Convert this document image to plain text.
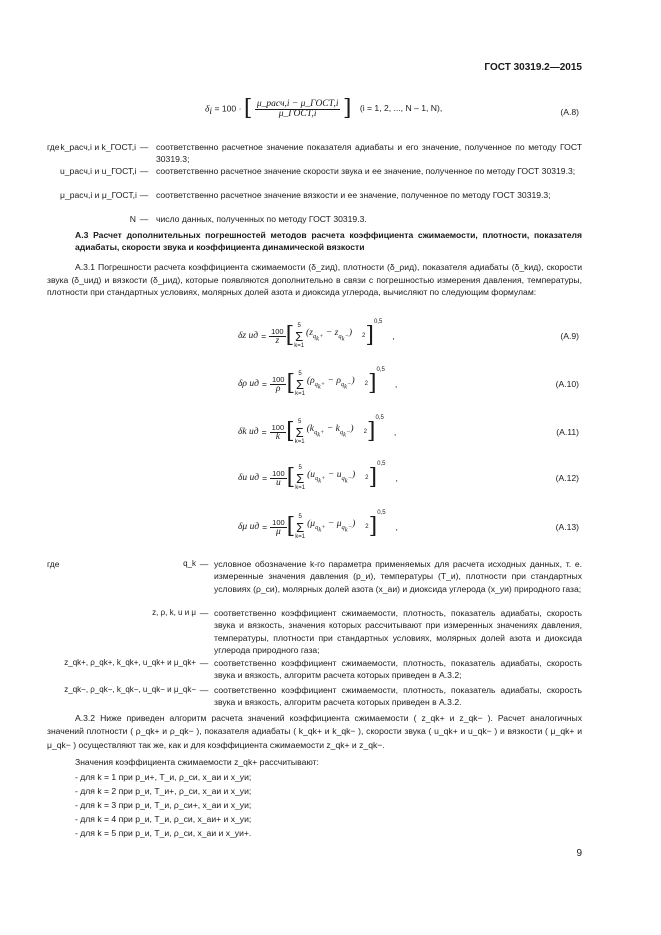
ГОСТ 30319.2—2015
$\delta_i = 100$ · [ $\frac{\text{μ\_расч,i − μ\_ГОСТ,i}}{\text{μ\_ГОСТ,i}}$ ] (i = 1, 2, ..., N – 1, N),	(А.8)
где k_расч,i и k_ГОСТ,i — соответственно расчетное значение показателя адиабаты и его значение, полученное по методу ГОСТ 30319.3;
u_расч,i и u_ГОСТ,i — соответственно расчетное значение скорости звука и ее значение, полученное по методу ГОСТ 30319.3;
μ_расч,i и μ_ГОСТ,i — соответственно расчетное значение вязкости и ее значение, полученное по методу ГОСТ 30319.3;
N — число данных, полученных по методу ГОСТ 30319.3.
А.3 Расчет дополнительных погрешностей методов расчета коэффициента сжимаемости, плотности, показателя адиабаты, скорости звука и коэффициента динамической вязкости
А.3.1 Погрешности расчета коэффициента сжимаемости (δ_zид), плотности (δ_ρид), показателя адиабаты (δ_kид), скорости звука (δ_uид) и вязкости (δ_μид), которые появляются дополнительно в связи с погрешностью измерения давления, температуры, плотности при стандартных условиях, молярных долей азота и диоксида углерода, вычисляют по следующим формулам:
δ z ид = $\frac{100}{z}$ [ 5
Σ
k=1
$(z_{q_k+} - z_{q_k-})$ 2 ]
0,5
,	(А.9)
δ ρ ид = $\frac{100}{\rho}$ [ 5
Σ
k=1
$(\rho_{q_k+} - \rho_{q_k-})$ 2 ]
0,5
,	(А.10)
δ k ид = $\frac{100}{k}$ [ 5
Σ
k=1
$(k_{q_k+} - k_{q_k-})$ 2 ]
0,5
,	(А.11)
δ u ид = $\frac{100}{u}$ [ 5
Σ
k=1
$(u_{q_k+} - u_{q_k-})$ 2 ]
0,5
,	(А.12)
δ μ ид = $\frac{100}{\mu}$ [ 5
Σ
k=1
$(\mu_{q_k+} - \mu_{q_k-})$ 2 ]
0,5
,	(А.13)
где	q_k — условное обозначение k-го параметра применяемых для расчета исходных данных, т. е. измеренные значения давления (р_и), температуры (Т_и), плотности при стандартных условиях (ρ_си), молярных долей азота (х_аи) и диоксида углерода (х_уи) природного газа;
z, ρ, k, u и μ — соответственно коэффициент сжимаемости, плотность, показатель адиабаты, скорость звука и вязкость, значения которых рассчитывают при измеренных значениях давления, температуры, плотности при стандартных условиях, молярных долей азота и диоксида углерода природного газа;
z_qk+, ρ_qk+, k_qk+, u_qk+ и μ_qk+ — соответственно коэффициент сжимаемости, плотность, показатель адиабаты, скорость звука и вязкость, алгоритм расчета которых приведен в А.3.2;
z_qk−, ρ_qk−, k_qk−, u_qk− и μ_qk− — соответственно коэффициент сжимаемости, плотность, показатель адиабаты, скорость звука и вязкость, алгоритм расчета которых приведен в А.3.2.
А.3.2 Ниже приведен алгоритм расчета значений коэффициента сжимаемости ( z_qk+ и z_qk− ). Расчет аналогичных значений плотности ( ρ_qk+ и ρ_qk− ), показателя адиабаты ( k_qk+ и k_qk− ), скорости звука ( u_qk+ и u_qk− ) и вязкости ( μ_qk+ и μ_qk− ) осуществляют так же, как и для коэффициента сжимаемости z_qk+ и z_qk−.
Значения коэффициента сжимаемости z_qk+ рассчитывают:
- для k = 1 при р_и+, Т_и, ρ_си, х_аи и х_уи;
- для k = 2 при р_и, Т_и+, ρ_си, х_аи и х_уи;
- для k = 3 при р_и, Т_и, ρ_си+, х_аи и х_уи;
- для k = 4 при р_и, Т_и, ρ_си, х_аи+ и х_уи;
- для k = 5 при р_и, Т_и, ρ_си, х_аи и х_уи+.
9
